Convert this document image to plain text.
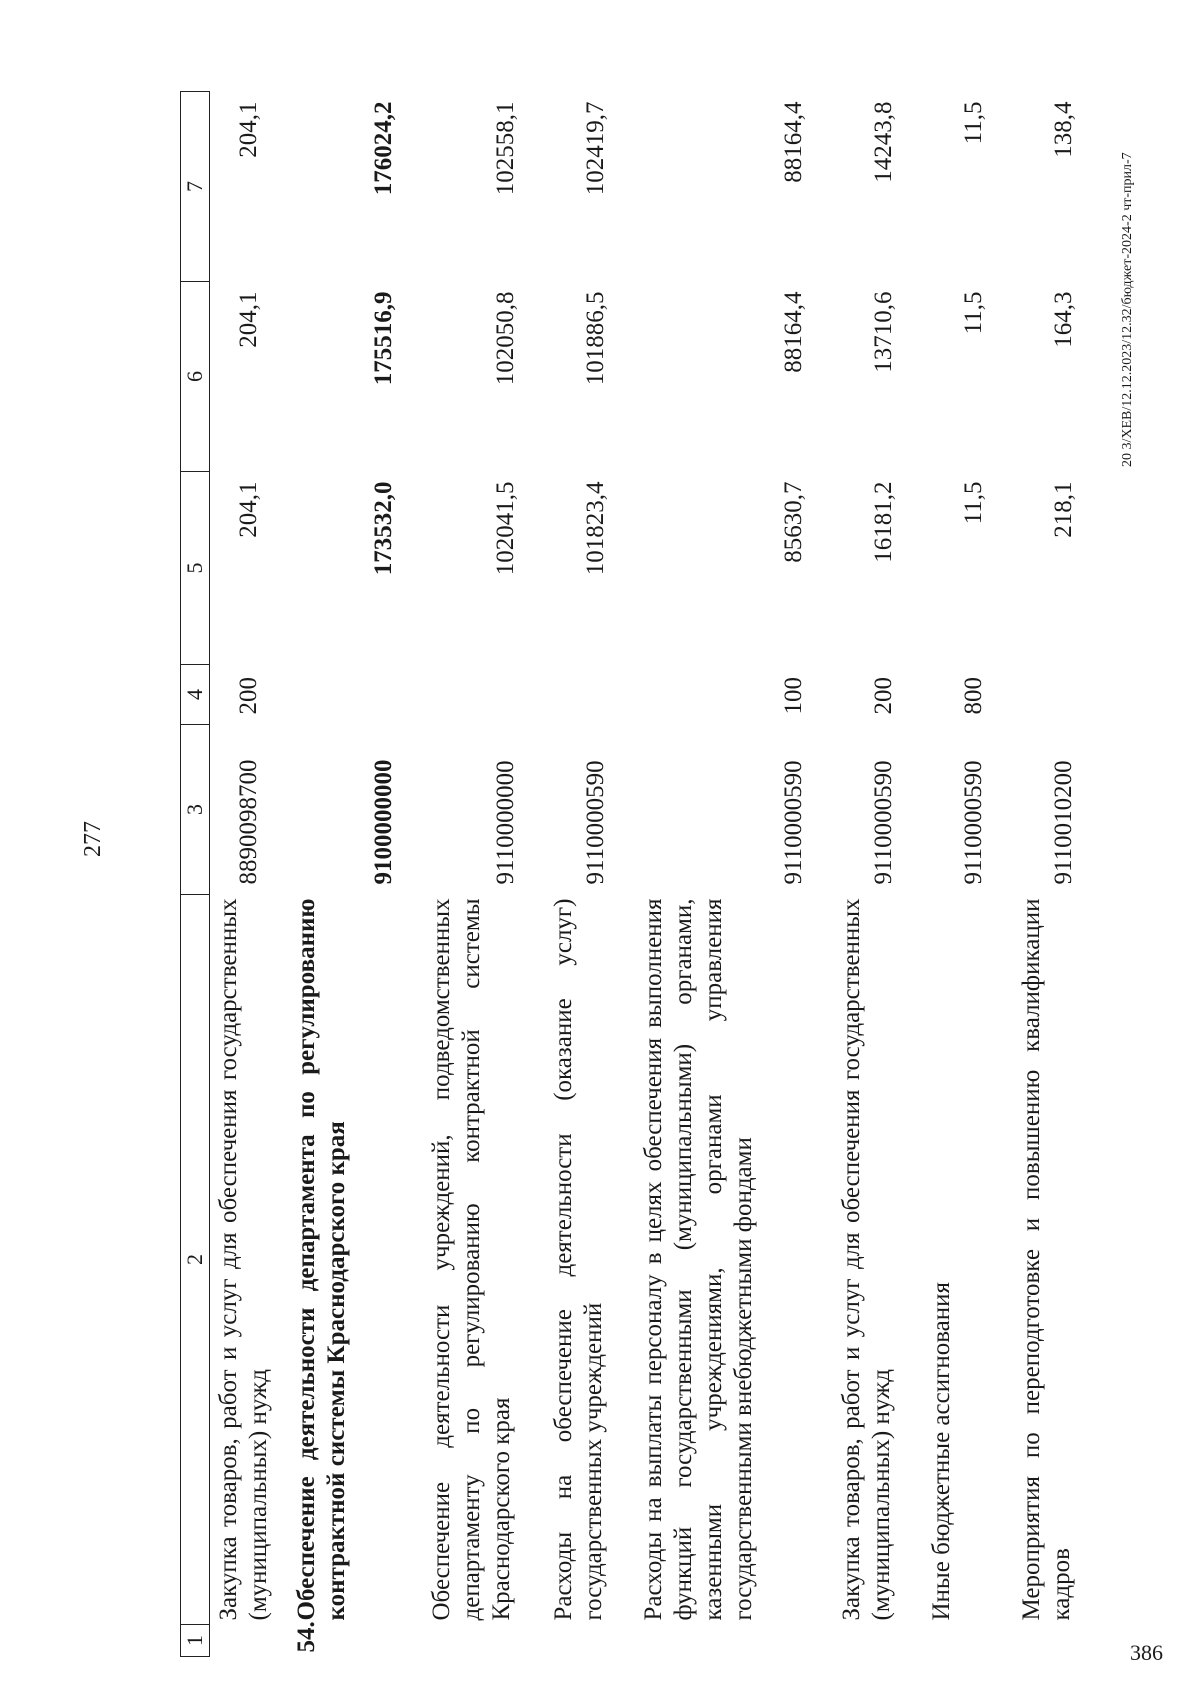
277
1	2	3	4	5	6	7
	Закупка товаров, работ и услуг для обеспечения государственных (муниципальных) нужд	8890098700	200	204,1	204,1	204,1
54.	Обеспечение деятельности департамента по регулированию контрактной системы Краснодарского края	9100000000		173532,0	175516,9	176024,2
	Обеспечение деятельности учреждений, подведомственных департаменту по регулированию контрактной системы Краснодарского края	9110000000		102041,5	102050,8	102558,1
	Расходы на обеспечение деятельности (оказание услуг) государственных учреждений	9110000590		101823,4	101886,5	102419,7
	Расходы на выплаты персоналу в целях обеспечения выполнения функций государственными (муниципальными) органами, казенными учреждениями, органами управления государственными внебюджетными фондами	9110000590	100	85630,7	88164,4	88164,4
	Закупка товаров, работ и услуг для обеспечения государственных (муниципальных) нужд	9110000590	200	16181,2	13710,6	14243,8
	Иные бюджетные ассигнования	9110000590	800	11,5	11,5	11,5
	Мероприятия по переподготовке и повышению квалификации кадров	9110010200		218,1	164,3	138,4
20 3/ХЕВ/12.12.2023/12.32/бюджет-2024-2 чт-прил-7
386
